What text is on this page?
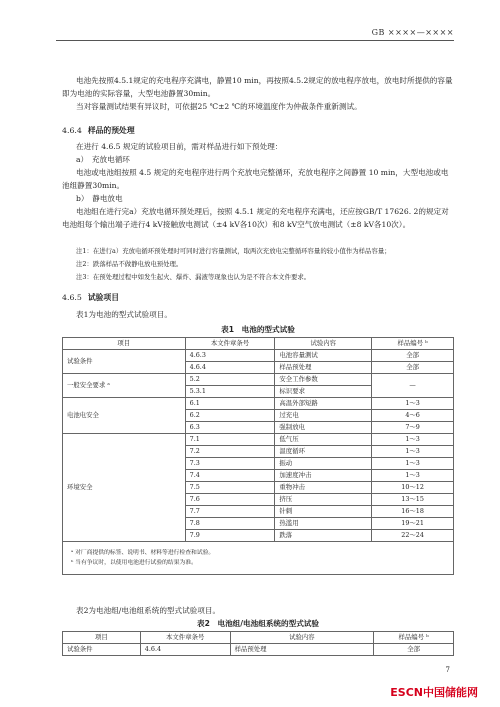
GB ××××—××××

电池先按照4.5.1规定的充电程序充满电，静置10 min，再按照4.5.2规定的放电程序放电，放电时所提供的容量即为电池的实际容量，大型电池静置30min。

当对容量测试结果有异议时，可依据25 ℃±2 ℃的环境温度作为仲裁条件重新测试。

4.6.4 样品的预处理

在进行 4.6.5 规定的试验项目前，需对样品进行如下预处理：

a）　充放电循环

电池或电池组按照 4.5 规定的充电程序进行两个充放电完整循环，充放电程序之间静置 10 min，大型电池或电池组静置30min。

b）　静电放电

电池组在进行完a）充放电循环预处理后，按照 4.5.1 规定的充电程序充满电，还应按GB/T 17626. 2的规定对电池组每个输出端子进行4 kV接触放电测试（±4 kV各10次）和8 kV空气放电测试（±8 kV各10次）。

注1：在进行a）充放电循环预处理时可同时进行容量测试，取两次充放电完整循环容量的较小值作为样品容量；
注2：跌落样品不做静电放电预处理。
注3：在预处理过程中如发生起火、爆炸、漏液等现象也认为是不符合本文件要求。
4.6.5 试验项目

表1为电池的型式试验项目。

表1　电池的型式试验
项目	本文件章条号	试验内容	样品编号 ᵇ
试验条件	4.6.3	电池容量测试	全部
	4.6.4	样品预处理	全部
一般安全要求 ᵃ	5.2	安全工作参数	—
	5.3.1	标识要求	
电池电安全	6.1	高温外部短路	1～3
	6.2	过充电	4～6
	6.3	强制放电	7～9
环境安全	7.1	低气压	1～3
	7.2	温度循环	1～3
	7.3	振动	1～3
	7.4	加速度冲击	1～3
	7.5	重物冲击	10～12
	7.6	挤压	13～15
	7.7	针刺	16～18
	7.8	热滥用	19～21
	7.9	跌落	22～24

ᵃ 对厂商提供的标签、说明书、材料等进行检查和试验。
ᵇ 当有争议时，以使用电池进行试验的结果为准。			

表2为电池组/电池组系统的型式试验项目。

表2　电池组/电池组系统的型式试验
项目	本文件章条号	试验内容	样品编号 ᵇ
试验条件	4.6.4	样品预处理	全部
7
ESCN中国储能网
